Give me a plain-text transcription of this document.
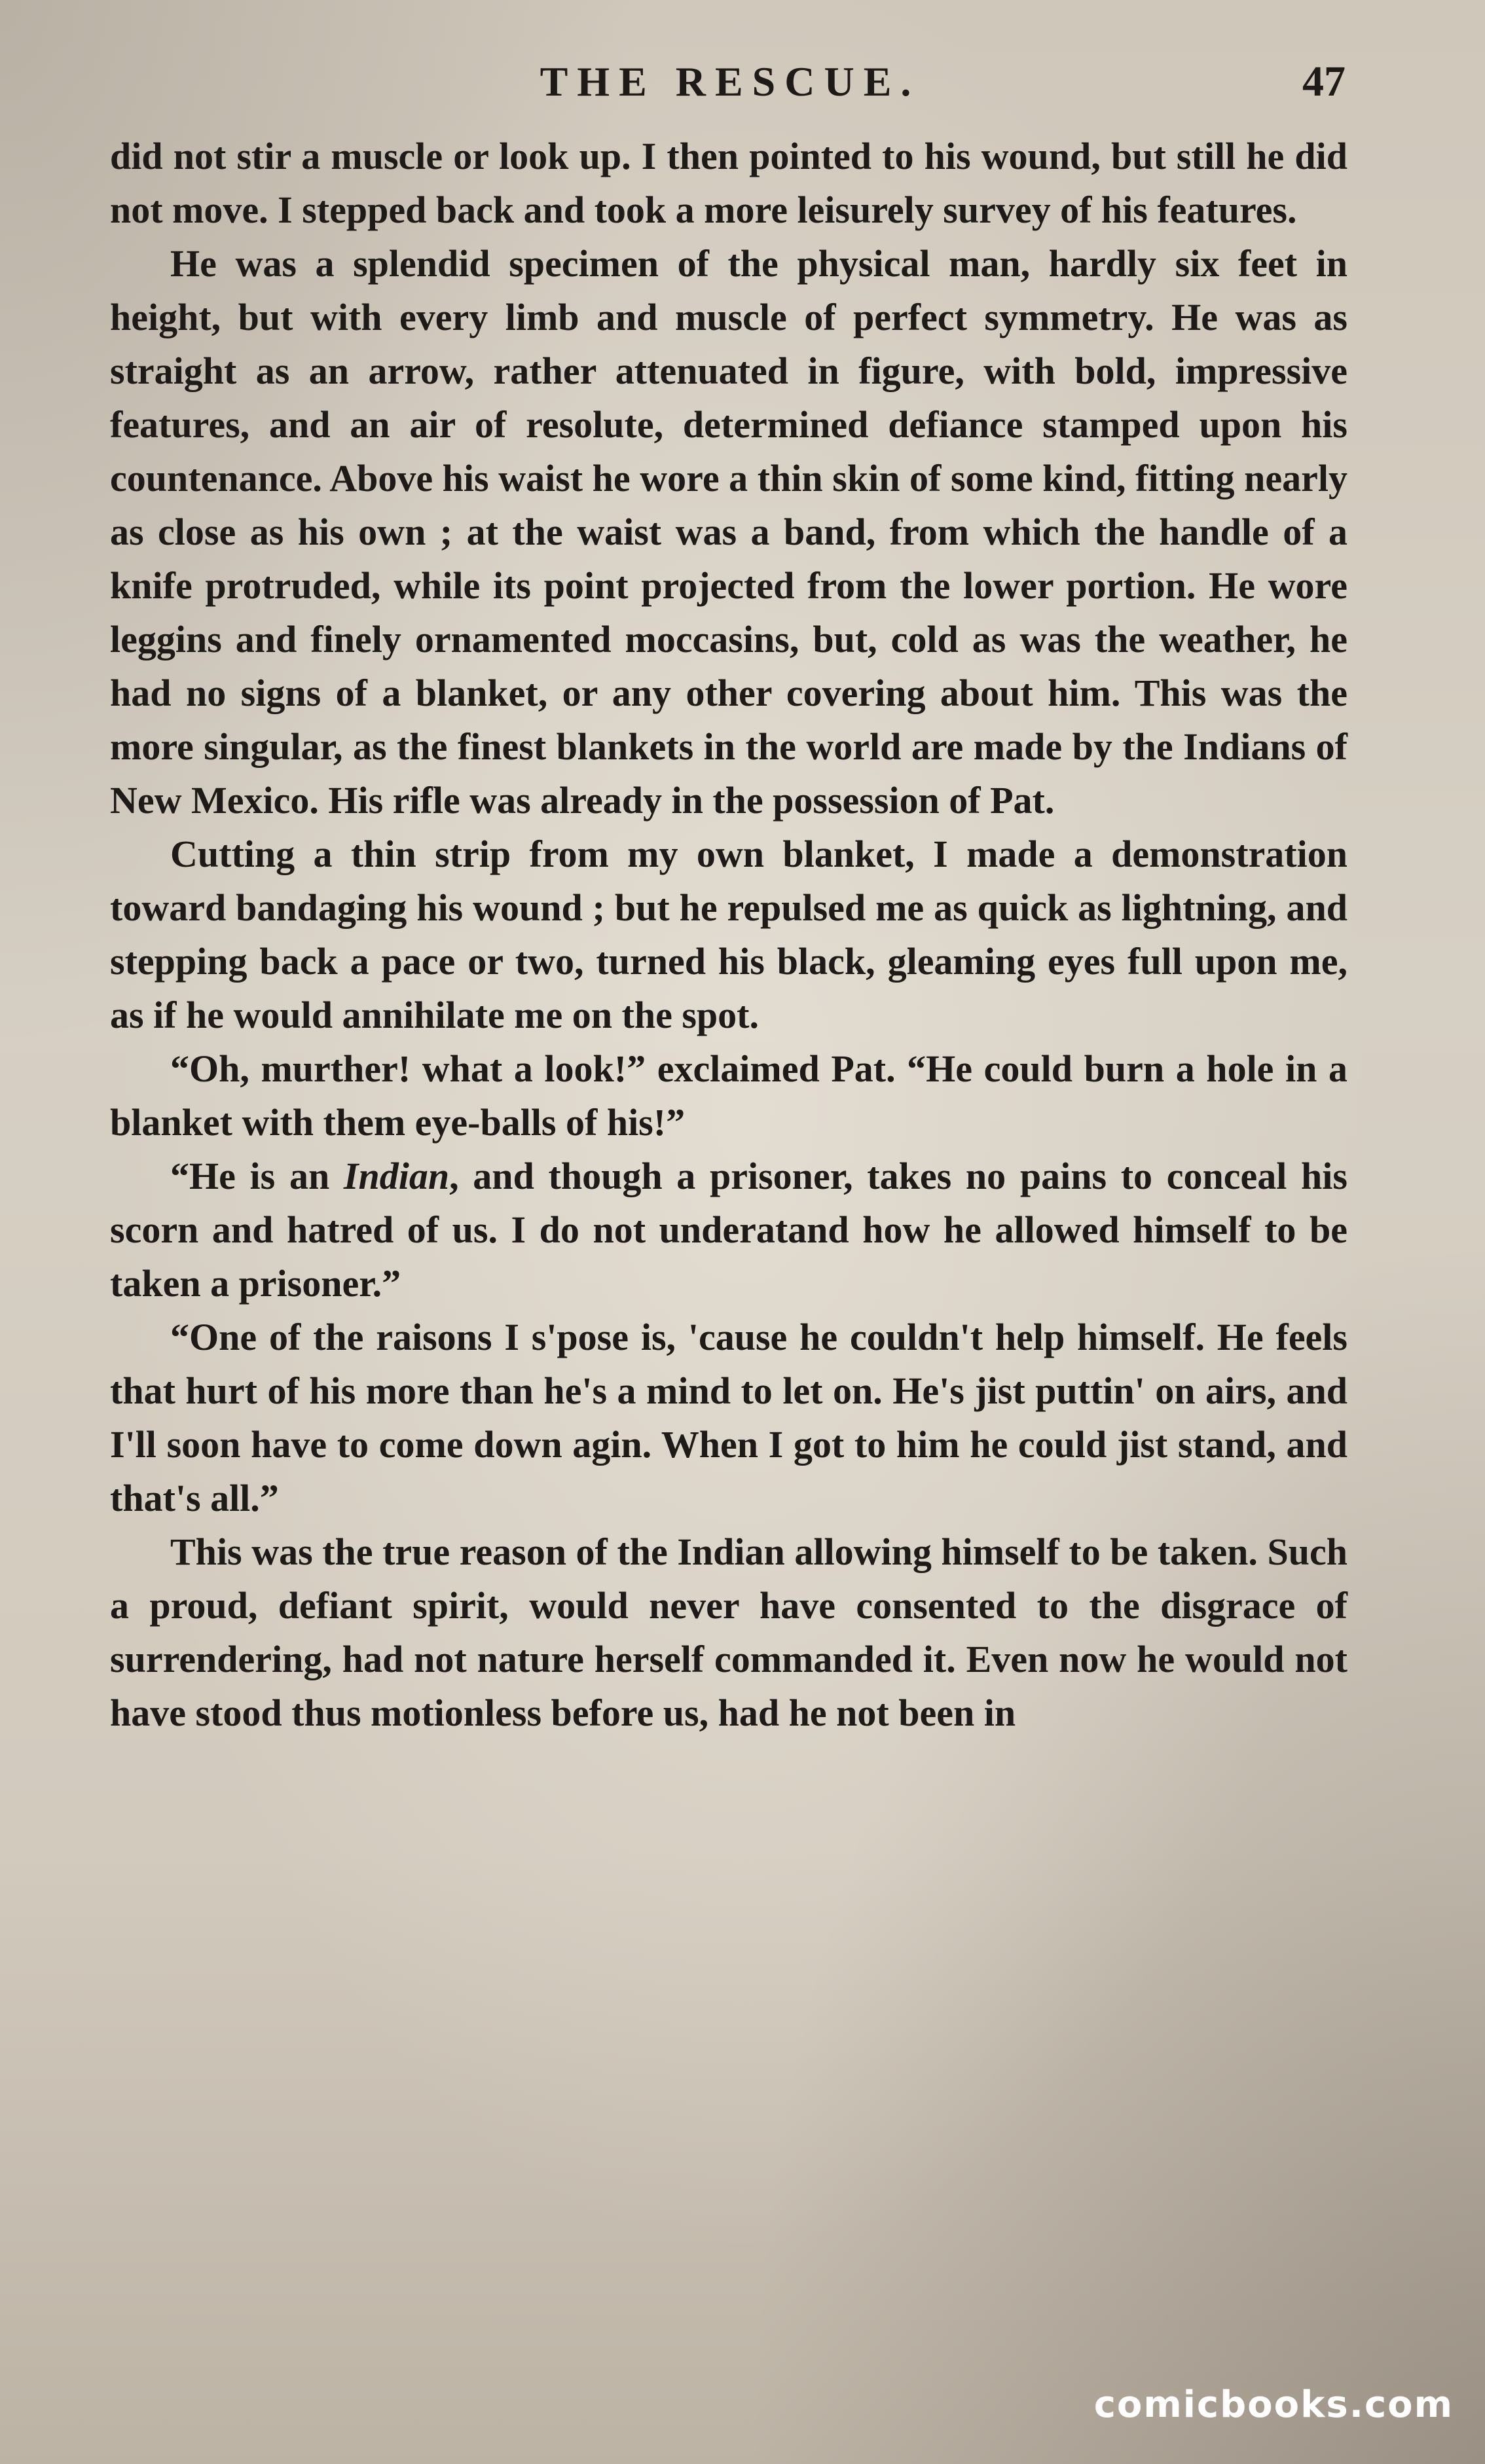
THE RESCUE.	47

did not stir a muscle or look up. I then pointed to his wound, but still he did not move. I stepped back and took a more leisurely survey of his features.

He was a splendid specimen of the physical man, hardly six feet in height, but with every limb and muscle of perfect symmetry. He was as straight as an arrow, rather attenuated in figure, with bold, impressive features, and an air of resolute, determined defiance stamped upon his countenance. Above his waist he wore a thin skin of some kind, fitting nearly as close as his own ; at the waist was a band, from which the handle of a knife protruded, while its point projected from the lower portion. He wore leggins and finely ornamented moccasins, but, cold as was the weather, he had no signs of a blanket, or any other covering about him. This was the more singular, as the finest blankets in the world are made by the Indians of New Mexico. His rifle was already in the possession of Pat.

Cutting a thin strip from my own blanket, I made a demonstration toward bandaging his wound ; but he repulsed me as quick as lightning, and stepping back a pace or two, turned his black, gleaming eyes full upon me, as if he would annihilate me on the spot.

“Oh, murther! what a look!” exclaimed Pat. “He could burn a hole in a blanket with them eye-balls of his!”

“He is an Indian, and though a prisoner, takes no pains to conceal his scorn and hatred of us. I do not underatand how he allowed himself to be taken a prisoner.”

“One of the raisons I s'pose is, 'cause he couldn't help himself. He feels that hurt of his more than he's a mind to let on. He's jist puttin' on airs, and I'll soon have to come down agin. When I got to him he could jist stand, and that's all.”

This was the true reason of the Indian allowing himself to be taken. Such a proud, defiant spirit, would never have consented to the disgrace of surrendering, had not nature herself commanded it. Even now he would not have stood thus motionless before us, had he not been in

comicbooks.com
